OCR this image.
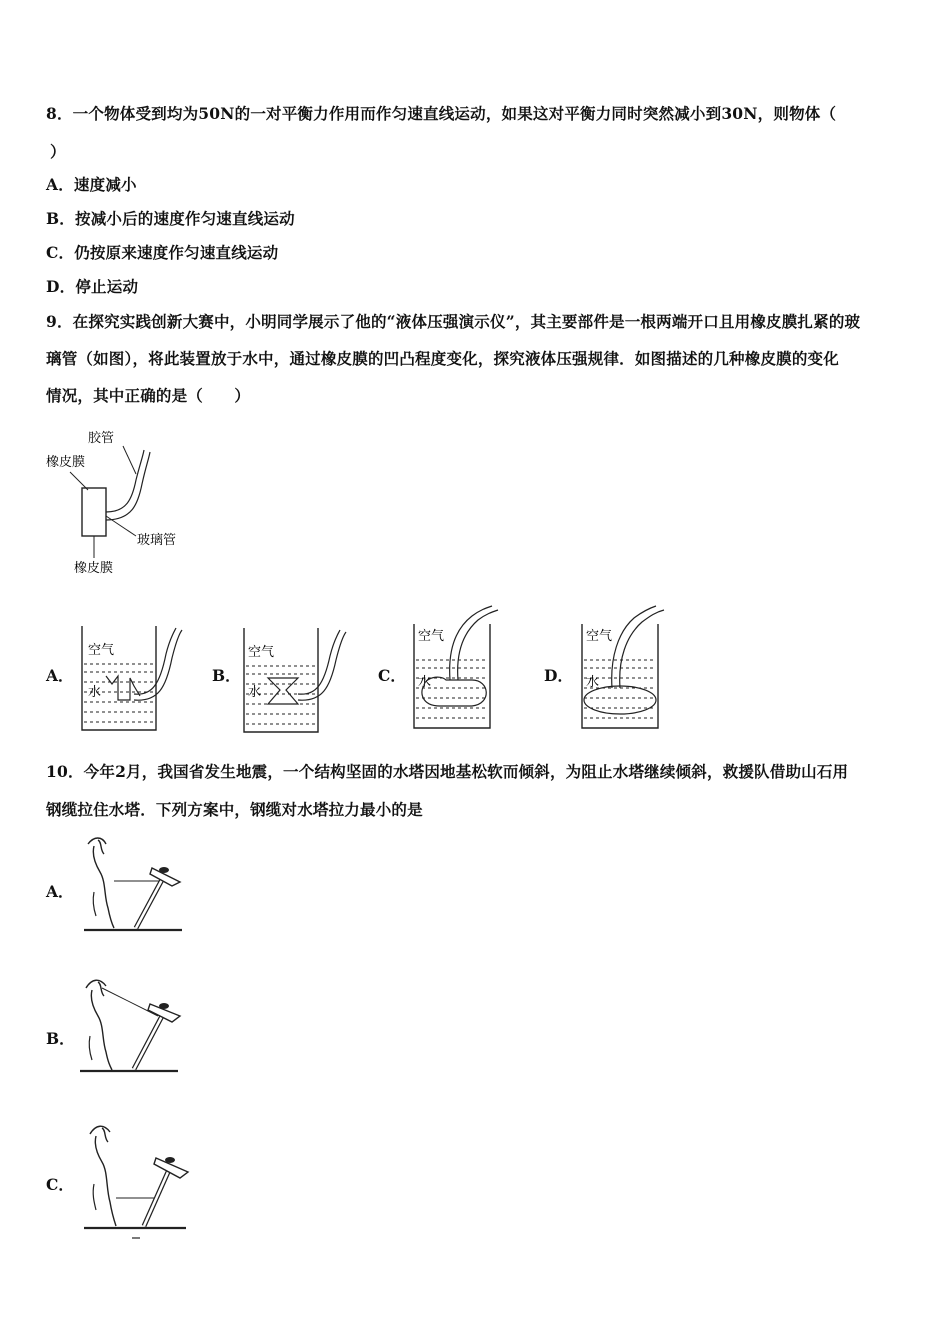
8．一个物体受到均为50N的一对平衡力作用而作匀速直线运动，如果这对平衡力同时突然减小到30N，则物体（
）
A．速度减小
B．按减小后的速度作匀速直线运动
C．仍按原来速度作匀速直线运动
D．停止运动
9．在探究实践创新大赛中，小明同学展示了他的“液体压强演示仪”，其主要部件是一根两端开口且用橡皮膜扎紧的玻
璃管（如图），将此装置放于水中，通过橡皮膜的凹凸程度变化，探究液体压强规律．如图描述的几种橡皮膜的变化
情况，其中正确的是（　　）
胶管
橡皮膜
玻璃管
橡皮膜
A．
空气
水
B．
空气
水
C．
空气
水	D．
空气
水
10．今年2月，我国省发生地震，一个结构坚固的水塔因地基松软而倾斜，为阻止水塔继续倾斜，救援队借助山石用
钢缆拉住水塔．下列方案中，钢缆对水塔拉力最小的是
A．
B．
C．
